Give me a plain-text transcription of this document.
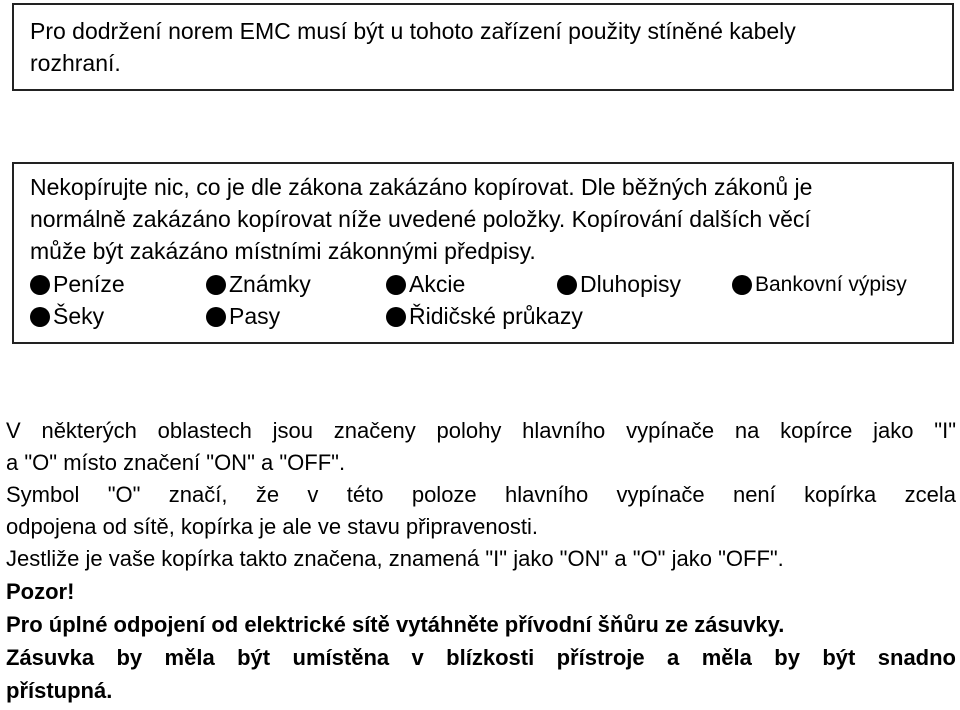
Pro dodržení norem EMC musí být u tohoto zařízení použity stíněné kabely
rozhraní.
Nekopírujte nic, co je dle zákona zakázáno kopírovat. Dle běžných zákonů je
normálně zakázáno kopírovat níže uvedené položky. Kopírování dalších věcí
může být zakázáno místními zákonnými předpisy.
Peníze	Známky	Akcie	Dluhopisy	Bankovní výpisy
Šeky	Pasy	Řidičské průkazy
V některých oblastech jsou značeny polohy hlavního vypínače na kopírce jako "I"
a "O" místo značení "ON" a "OFF".
Symbol "O" značí, že v této poloze hlavního vypínače není kopírka zcela
odpojena od sítě, kopírka je ale ve stavu připravenosti.
Jestliže je vaše kopírka takto značena, znamená "I" jako "ON" a "O" jako "OFF".
Pozor!
Pro úplné odpojení od elektrické sítě vytáhněte přívodní šňůru ze zásuvky.
Zásuvka by měla být umístěna v blízkosti přístroje a měla by být snadno
přístupná.
